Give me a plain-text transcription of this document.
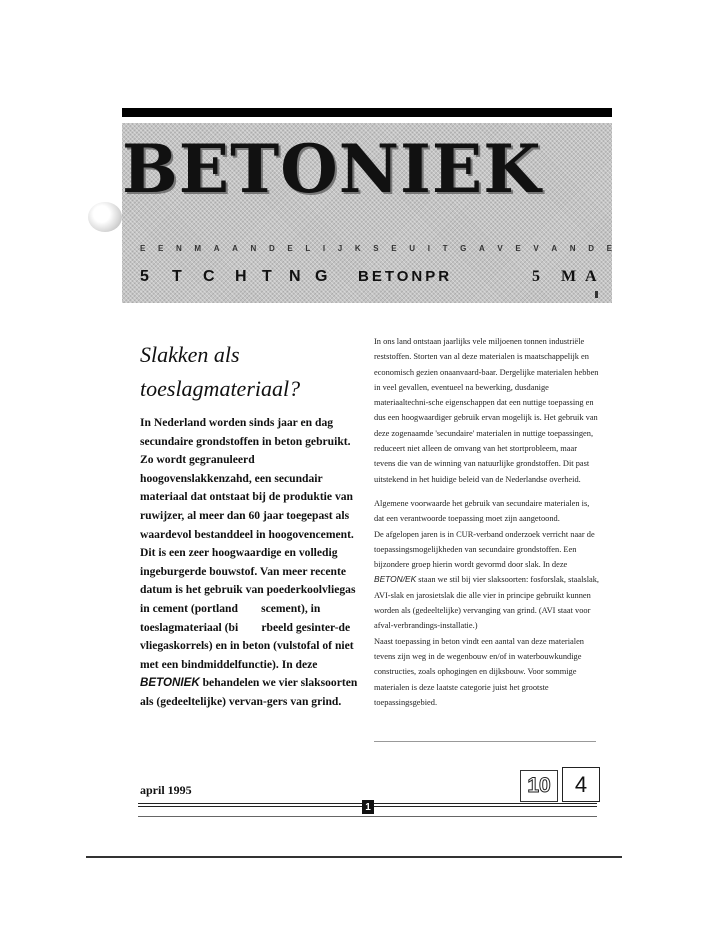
BETONIEK
E E N M A A N D E L I J K S E U I T G A V E V A N D E
5 T C H T N G BETONPR	5 M A
Slakken als
toeslagmateriaal?

In Nederland worden sinds jaar en dag secundaire grondstoffen in beton gebruikt. Zo wordt gegranuleerd hoogovenslakkenzahd, een secundair materiaal dat ontstaat bij de produktie van ruwijzer, al meer dan 60 jaar toegepast als waardevol bestanddeel in hoogovencement. Dit is een zeer hoogwaardige en volledig ingeburgerde bouwstof. Van meer recente datum is het gebruik van poederkoolvliegas in cement (portland  scement), in toeslagmateriaal (bi  rbeeld gesinter-de vliegaskorrels) en in beton (vulstofal of niet met een bindmiddelfunctie). In deze BETONIEK behandelen we vier slaksoorten als (gedeeltelijke) vervan-gers van grind.

In ons land ontstaan jaarlijks vele miljoenen tonnen industriële reststoffen. Storten van al deze materialen is maatschappelijk en economisch gezien onaanvaard-baar. Dergelijke materialen hebben in veel gevallen, eventueel na bewerking, dusdanige materiaaltechni-sche eigenschappen dat een nuttige toepassing en dus een hoogwaardiger gebruik ervan mogelijk is. Het gebruik van deze zogenaamde 'secundaire' materialen in nuttige toepassingen, reduceert niet alleen de omvang van het stortprobleem, maar tevens die van de winning van natuurlijke grondstoffen. Dit past uitstekend in het huidige beleid van de Nederlandse overheid.

Algemene voorwaarde het gebruik van secundaire materialen is, dat een verantwoorde toepassing moet zijn aangetoond.

De afgelopen jaren is in CUR-verband onderzoek verricht naar de toepassingsmogelijkheden van secundaire grondstoffen. Een bijzondere groep hierin wordt gevormd door slak. In deze BETON/EK staan we stil bij vier slaksoorten: fosforslak, staalslak, AVI-slak en jarosietslak die alle vier in principe gebruikt kunnen worden als (gedeeltelijke) vervanging van grind. (AVI staat voor afval-verbrandings-installatie.)

Naast toepassing in beton vindt een aantal van deze materialen tevens zijn weg in de wegenbouw en/of in waterbouwkundige constructies, zoals ophogingen en dijksbouw. Voor sommige materialen is deze laatste categorie juist het grootste toepassingsgebied.

april 1995	10	4
1
